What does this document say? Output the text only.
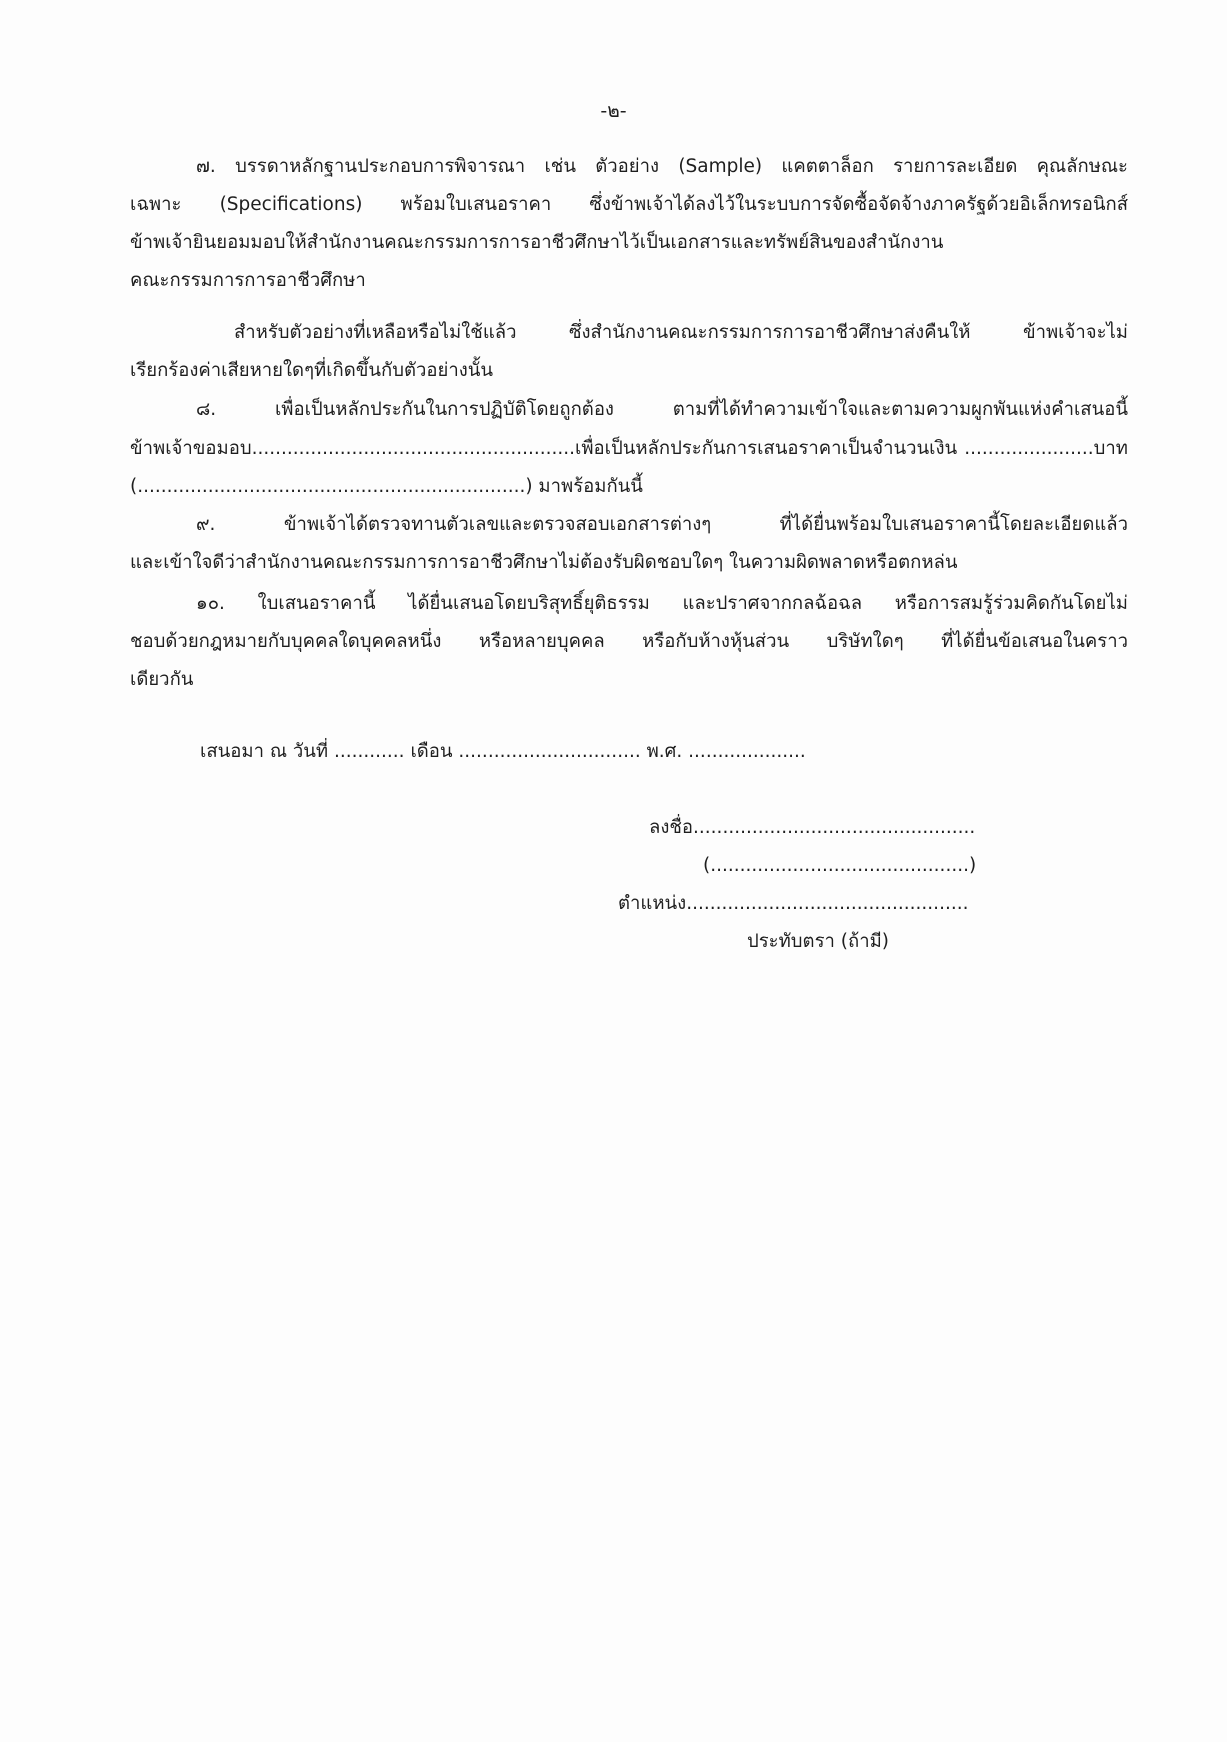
-๒-
๗. บรรดาหลักฐานประกอบการพิจารณา เช่น ตัวอย่าง (Sample) แคตตาล็อก รายการละเอียด คุณลักษณะ
เฉพาะ (Specifications) พร้อมใบเสนอราคา ซึ่งข้าพเจ้าได้ลงไว้ในระบบการจัดซื้อจัดจ้างภาครัฐด้วยอิเล็กทรอนิกส์
ข้าพเจ้ายินยอมมอบให้สำนักงานคณะกรรมการการอาชีวศึกษาไว้เป็นเอกสารและทรัพย์สินของสำนักงาน
คณะกรรมการการอาชีวศึกษา
สำหรับตัวอย่างที่เหลือหรือไม่ใช้แล้ว ซึ่งสำนักงานคณะกรรมการการอาชีวศึกษาส่งคืนให้ ข้าพเจ้าจะไม่
เรียกร้องค่าเสียหายใดๆที่เกิดขึ้นกับตัวอย่างนั้น
๘. เพื่อเป็นหลักประกันในการปฏิบัติโดยถูกต้อง ตามที่ได้ทำความเข้าใจและตามความผูกพันแห่งคำเสนอนี้
ข้าพเจ้าขอมอบ.......................................................เพื่อเป็นหลักประกันการเสนอราคาเป็นจำนวนเงิน ......................บาท
(..................................................................) มาพร้อมกันนี้
๙. ข้าพเจ้าได้ตรวจทานตัวเลขและตรวจสอบเอกสารต่างๆ ที่ได้ยื่นพร้อมใบเสนอราคานี้โดยละเอียดแล้ว
และเข้าใจดีว่าสำนักงานคณะกรรมการการอาชีวศึกษาไม่ต้องรับผิดชอบใดๆ ในความผิดพลาดหรือตกหล่น
๑๐. ใบเสนอราคานี้ ได้ยื่นเสนอโดยบริสุทธิ์ยุติธรรม และปราศจากกลฉ้อฉล หรือการสมรู้ร่วมคิดกันโดยไม่
ชอบด้วยกฎหมายกับบุคคลใดบุคคลหนึ่ง หรือหลายบุคคล หรือกับห้างหุ้นส่วน บริษัทใดๆ ที่ได้ยื่นข้อเสนอในคราว
เดียวกัน
เสนอมา ณ วันที่ ............ เดือน ............................... พ.ศ. ....................
ลงชื่อ................................................
(............................................)
ตำแหน่ง................................................
ประทับตรา (ถ้ามี)
